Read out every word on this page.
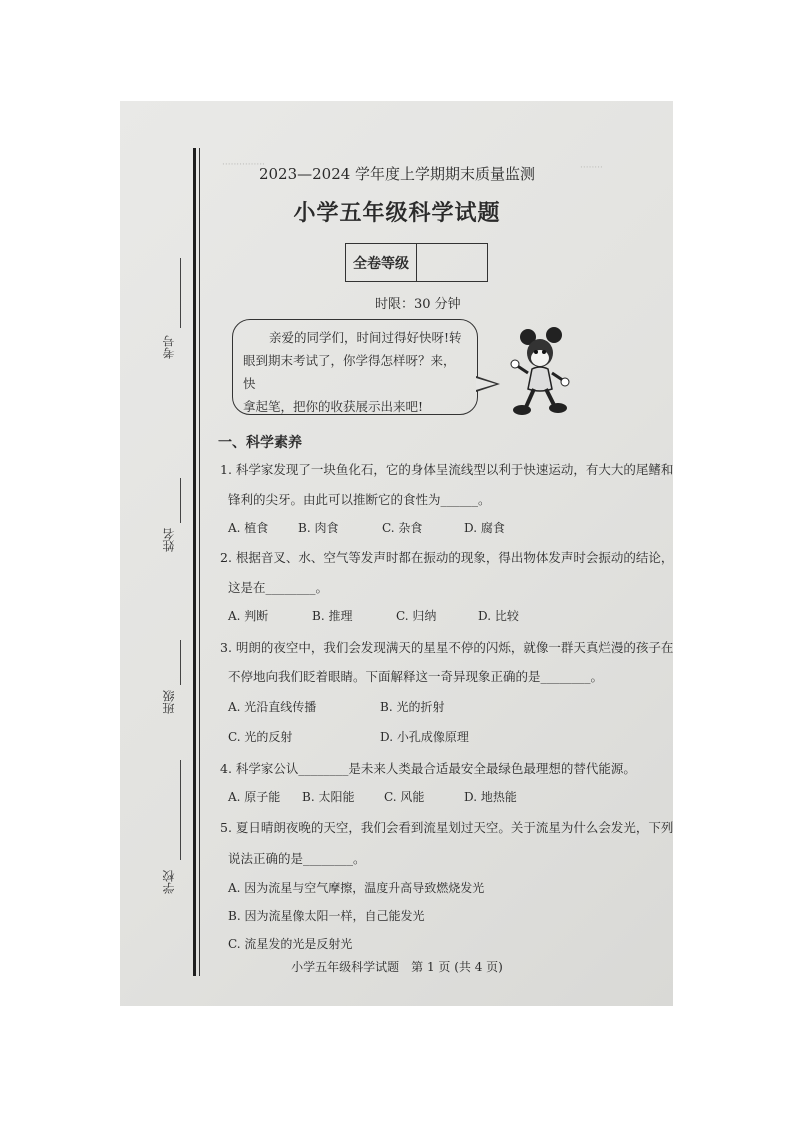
···············	········
考号
姓名
班级
学校
2023—2024 学年度上学期期末质量监测
小学五年级科学试题
全卷等级
时限：30 分钟
亲爱的同学们，时间过得好快呀!转
眼到期末考试了，你学得怎样呀？来，快
拿起笔，把你的收获展示出来吧!
一、科学素养
1. 科学家发现了一块鱼化石，它的身体呈流线型以利于快速运动，有大大的尾鳍和
锋利的尖牙。由此可以推断它的食性为______。
A. 植食	B. 肉食	C. 杂食	D. 腐食
2. 根据音叉、水、空气等发声时都在振动的现象，得出物体发声时会振动的结论，
这是在________。
A. 判断	B. 推理	C. 归纳	D. 比较
3. 明朗的夜空中，我们会发现满天的星星不停的闪烁，就像一群天真烂漫的孩子在
不停地向我们眨着眼睛。下面解释这一奇异现象正确的是________。
A. 光沿直线传播	B. 光的折射
C. 光的反射	D. 小孔成像原理
4. 科学家公认________是未来人类最合适最安全最绿色最理想的替代能源。
A. 原子能	B. 太阳能	C. 风能	D. 地热能
5. 夏日晴朗夜晚的天空，我们会看到流星划过天空。关于流星为什么会发光，下列
说法正确的是________。
A. 因为流星与空气摩擦，温度升高导致燃烧发光
B. 因为流星像太阳一样，自己能发光
C. 流星发的光是反射光
小学五年级科学试题　第 1 页 (共 4 页)
